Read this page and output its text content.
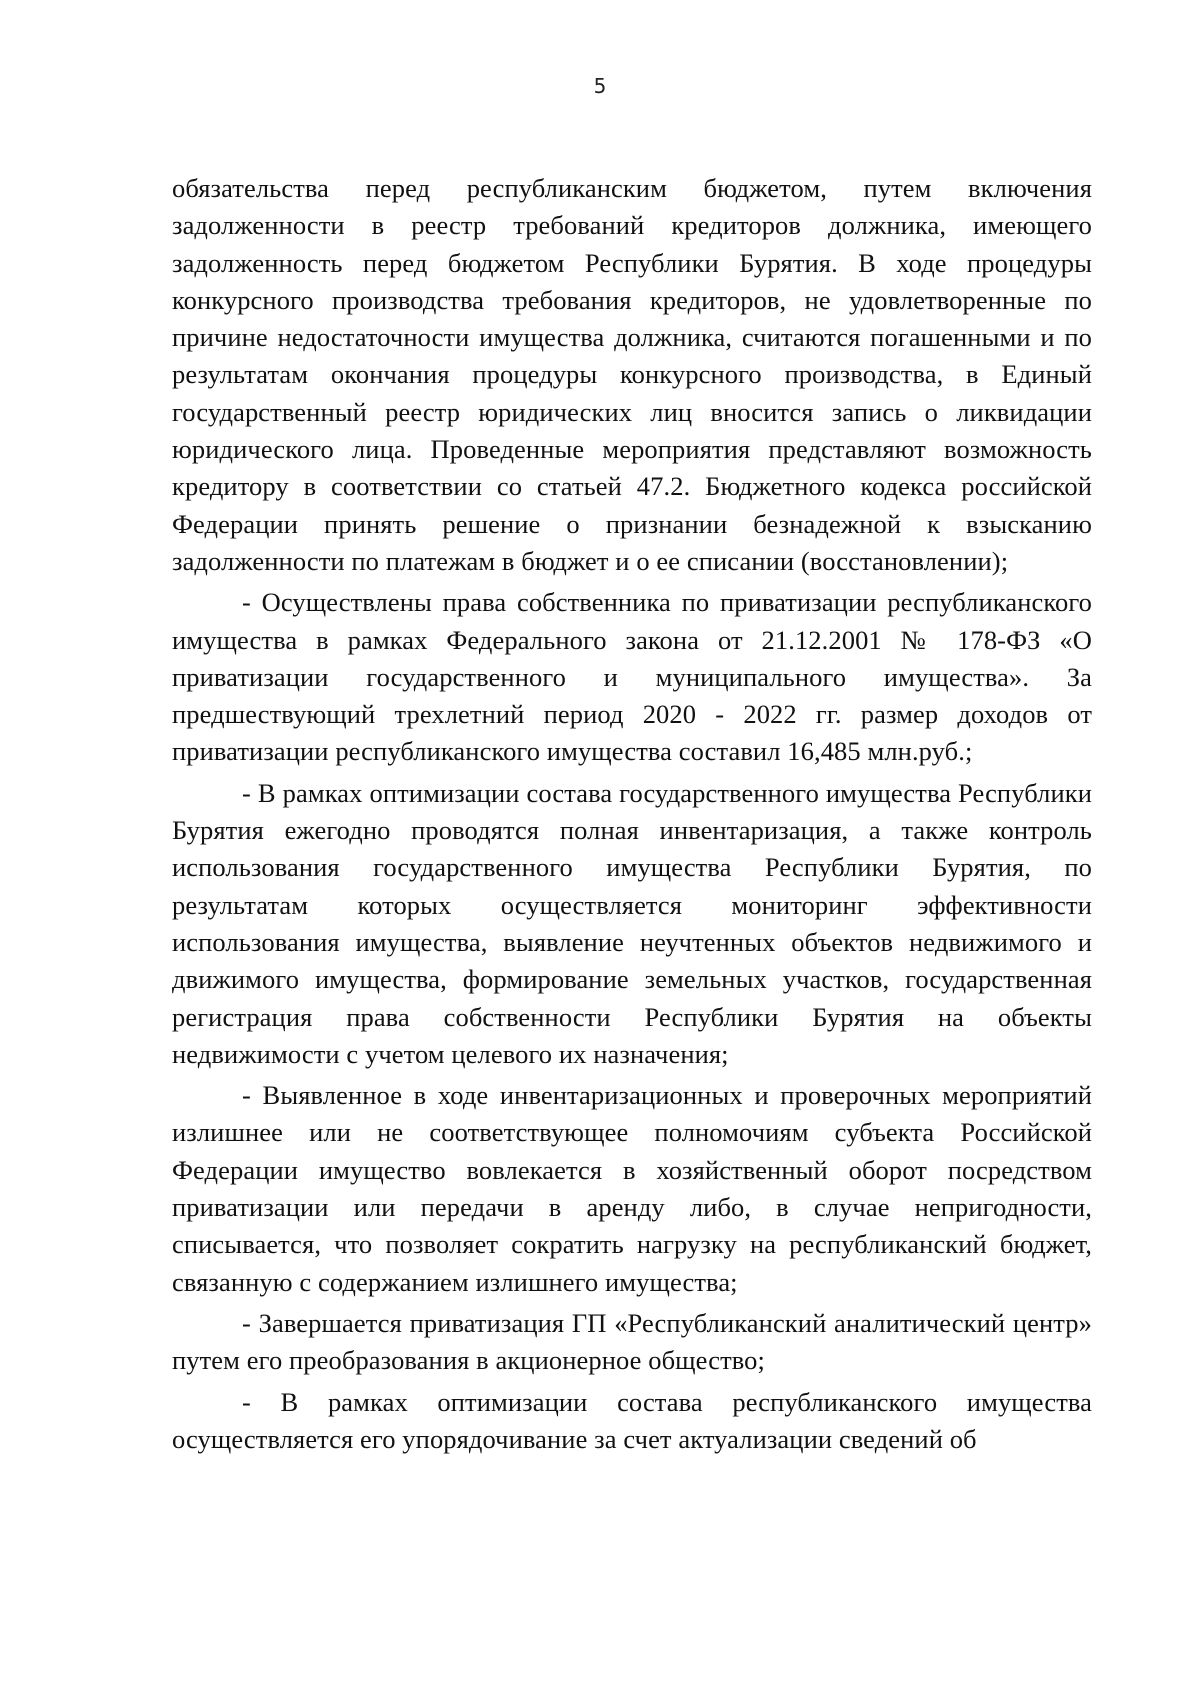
5

обязательства перед республиканским бюджетом, путем включения задолженности в реестр требований кредиторов должника, имеющего задолженность перед бюджетом Республики Бурятия. В ходе процедуры конкурсного производства требования кредиторов, не удовлетворенные по причине недостаточности имущества должника, считаются погашенными и по результатам окончания процедуры конкурсного производства, в Единый государственный реестр юридических лиц вносится запись о ликвидации юридического лица. Проведенные мероприятия представляют возможность кредитору в соответствии со статьей 47.2. Бюджетного кодекса российской Федерации принять решение о признании безнадежной к взысканию задолженности по платежам в бюджет и о ее списании (восстановлении);

- Осуществлены права собственника по приватизации республиканского имущества в рамках Федерального закона от 21.12.2001 № 178-ФЗ «О приватизации государственного и муниципального имущества». За предшествующий трехлетний период 2020 - 2022 гг. размер доходов от приватизации республиканского имущества составил 16,485 млн.руб.;

- В рамках оптимизации состава государственного имущества Республики Бурятия ежегодно проводятся полная инвентаризация, а также контроль использования государственного имущества Республики Бурятия, по результатам которых осуществляется мониторинг эффективности использования имущества, выявление неучтенных объектов недвижимого и движимого имущества, формирование земельных участков, государственная регистрация права собственности Республики Бурятия на объекты недвижимости с учетом целевого их назначения;

- Выявленное в ходе инвентаризационных и проверочных мероприятий излишнее или не соответствующее полномочиям субъекта Российской Федерации имущество вовлекается в хозяйственный оборот посредством приватизации или передачи в аренду либо, в случае непригодности, списывается, что позволяет сократить нагрузку на республиканский бюджет, связанную с содержанием излишнего имущества;

- Завершается приватизация ГП «Республиканский аналитический центр» путем его преобразования в акционерное общество;

- В рамках оптимизации состава республиканского имущества осуществляется его упорядочивание за счет актуализации сведений об
